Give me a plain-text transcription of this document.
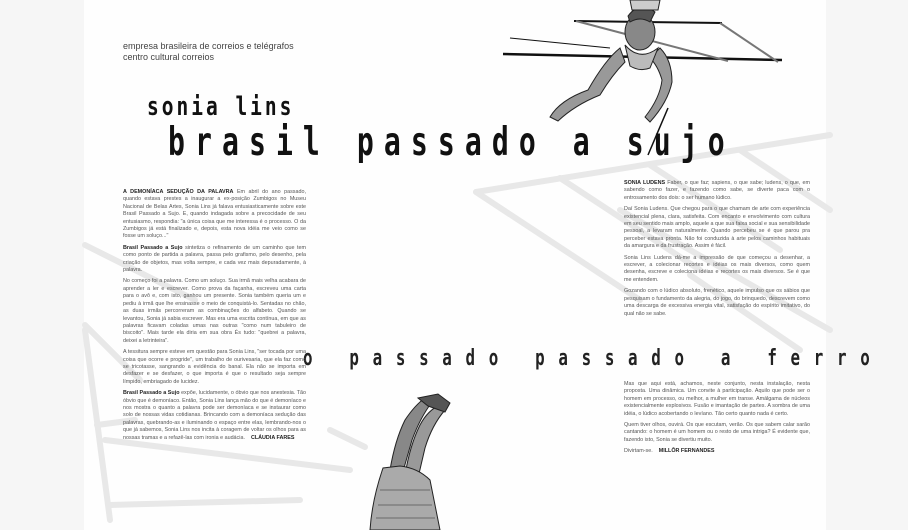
empresa brasileira de correios e telégrafos
centro cultural correios
sonia lins
brasil passado a sujo
o passado passado a ferro

A DEMONÍACA SEDUÇÃO DA PALAVRA Em abril do ano passado, quando estava prestes a inaugurar a ex-posição Zumbigos no Museu Nacional de Belas Artes, Sonia Lins já falava entusiasticamente sobre este Brasil Passado a Sujo. E, quando indagada sobre a precocidade de seu entusiasmo, respondia: "a única coisa que me interessa é o processo. O da Zumbigos já está finalizado e, depois, esta nova idéia me veio como se fosse um soluço..."

Brasil Passado a Sujo sintetiza o refinamento de um caminho que tem como ponto de partida a palavra, passa pelo grafismo, pelo desenho, pela criação de objetos, mas volta sempre, e cada vez mais depuradamente, à palavra.

No começo foi a palavra. Como um soluço. Sua irmã mais velha acabara de aprender a ler e escrever. Como prova da façanha, escreveu uma carta para o avô e, com isto, ganhou um presente. Sonia também queria um e pediu à irmã que lhe ensinasse o meio de conquistá-lo. Sentadas no chão, as duas irmãs percorreram as combinações do alfabeto. Quando se levantou, Sonia já sabia escrever. Mas era uma escrita contínua, em que as palavras ficavam coladas umas nas outras "como num tabuleiro de biscoito". Mais tarde ela diria em sua obra És tudo: "quebrei a palavra, deixei a letrinteira".

A tessitura sempre esteve em questão para Sonia Lins, "ser tocada por uma coisa que ocorre e progride", um trabalho de ourivesaria, que ela faz como se tricotasse, sangrando a evidência do banal. Ela não se importa em desfazer e se desfazer, o que importa é que o resultado seja sempre límpido, embriagado de lucidez.

Brasil Passado a Sujo expõe, lucidamente, o óbvio que nos anestesia. Tão óbvio que é demoníaco. Então, Sonia Lins lança mão do que é demoníaco e nos mostra o quanto a palavra pode ser demoníaca e se instaurar como solo de nossas vidas cotidianas. Brincando com a demoníaca sedução das palavras, quebrando-as e iluminando o espaço entre elas, lembrando-nos o que já sabemos, Sonia Lins nos incita à coragem de voltar os olhos para as nossas tramas e a refazê-las com ironia e audácia. CLÁUDIA FARES

SONIA LUDENS Faber, o que faz; sapiens, o que sabe; ludens, o que, em sabendo como fazer, e fazendo como sabe, se diverte paca com o entrosamento dos dois: o ser humano lúdico.

Daí Sonia Ludens. Que chegou para o que chamam de arte com experiência existencial plena, clara, satisfeita. Com encanto e envolvimento com cultura em seu sentido mais amplo, aquele a que sua faixa social e sua sensibilidade pessoal, a levaram naturalmente. Quando percebeu se é que parou pra perceber estava pronta. Não foi conduzida à arte pelos caminhos habituais da amargura e da frustração. Assim é fácil.

Sonia Lins Ludens dá-me a impressão de que começou a desenhar, a escrever, a colecionar recortes e idéias os mais diversos, como quem desenha, escreve e coleciona idéias e recortes os mais diversos. Se é que me entendem.

Gozando com o lúdico absoluto, frenético, aquele impulso que os sábios que pesquisam o fundamento da alegria, do jogo, do brinquedo, descrevem como uma descarga de excessiva energia vital, satisfação do espírito imitativo, do qual não se sabe.

Mas que aqui está, achamos, neste conjunto, nesta instalação, nesta proposta. Uma dinâmica. Um convite à participação. Aquilo que pode ser o homem em processo, ou melhor, a mulher em transe. Amálgama de núcleos existencialmente explosivos. Fusão e imantação de partes. A sombra de uma idéia, o lúdico acobertando o levíano. Tão certo quanto nada é certo.

Quem tiver olhos, ouvirá. Os que escutam, verão. Os que sabem calar sarão cantando: o homem é um homem ou o resto de uma intriga? É evidente que, fazendo isto, Sonia se divertiu muito.

Divirtam-se. MILLÔR FERNANDES
